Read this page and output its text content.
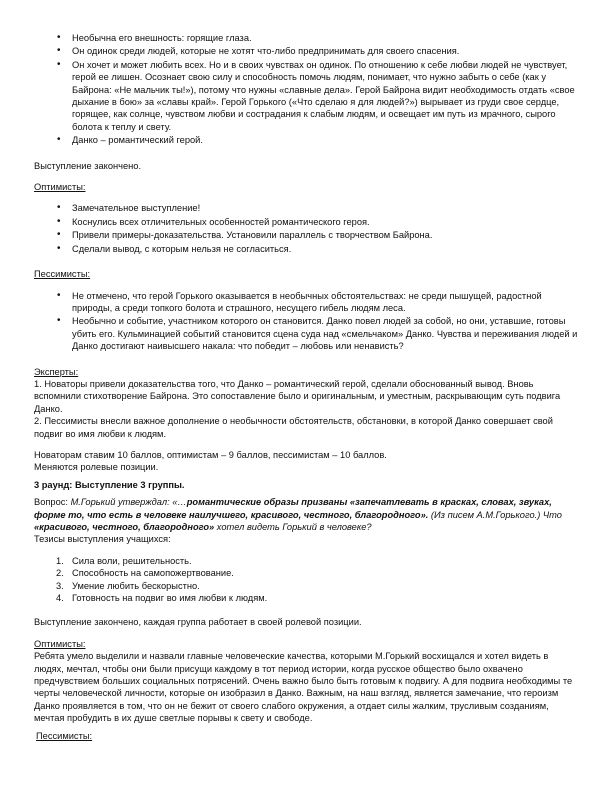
• Необычна его внешность: горящие глаза.
• Он одинок среди людей, которые не хотят что-либо предпринимать для своего спасения.
• Он хочет и может любить всех. Но и в своих чувствах он одинок. По отношению к себе любви людей не чувствует, герой ее лишен. Осознает свою силу и способность помочь людям, понимает, что нужно забыть о себе (как у Байрона: «Не мальчик ты!»), потому что нужны «славные дела». Герой Байрона видит необходимость отдать «свое дыхание в бою» за «славы край». Герой Горького («Что сделаю я для людей?») вырывает из груди свое сердце, горящее, как солнце, чувством любви и сострадания к слабым людям, и освещает им путь из мрачного, сырого болота к теплу и свету.
• Данко – романтический герой.

Выступление закончено.

Оптимисты:

• Замечательное выступление!
• Коснулись всех отличительных особенностей романтического героя.
• Привели примеры-доказательства. Установили параллель с творчеством Байрона.
• Сделали вывод, с которым нельзя не согласиться.

Пессимисты:

• Не отмечено, что герой Горького оказывается в необычных обстоятельствах: не среди пышущей, радостной природы, а среди топкого болота и страшного, несущего гибель людям леса.
• Необычно и событие, участником которого он становится. Данко повел людей за собой, но они, уставшие, готовы убить его. Кульминацией событий становится сцена суда над «смельчаком» Данко. Чувства и переживания людей и Данко достигают наивысшего накала: что победит – любовь или ненависть?

Эксперты:

1. Новаторы привели доказательства того, что Данко – романтический герой, сделали обоснованный вывод. Вновь вспомнили стихотворение Байрона. Это сопоставление было и оригинальным, и уместным, раскрывающим суть подвига Данко.

2. Пессимисты внесли важное дополнение о необычности обстоятельств, обстановки, в которой Данко совершает свой подвиг во имя любви к людям.

Новаторам ставим 10 баллов, оптимистам – 9 баллов, пессимистам – 10 баллов.

Меняются ролевые позиции.

3 раунд: Выступление 3 группы.

Вопрос: М.Горький утверждал: «…романтические образы призваны «запечатлевать в красках, словах, звуках, форме то, что есть в человеке наилучшего, красивого, честного, благородного». (Из писем А.М.Горького.) Что «красивого, честного, благородного» хотел видеть Горький в человеке?

Тезисы выступления учащихся:

1. Сила воли, решительность.
2. Способность на самопожертвование.
3. Умение любить бескорыстно.
4. Готовность на подвиг во имя любви к людям.

Выступление закончено, каждая группа работает в своей ролевой позиции.

Оптимисты:

Ребята умело выделили и назвали главные человеческие качества, которыми М.Горький восхищался и хотел видеть в людях, мечтал, чтобы они были присущи каждому в тот период истории, когда русское общество было охвачено предчувствием больших социальных потрясений. Очень важно было быть готовым к подвигу. А для подвига необходимы те черты человеческой личности, которые он изобразил в Данко. Важным, на наш взгляд, является замечание, что героизм Данко проявляется в том, что он не бежит от своего слабого окружения, а отдает силы жалким, трусливым созданиям, мечтая пробудить в их душе светлые порывы к свету и свободе.

Пессимисты:
